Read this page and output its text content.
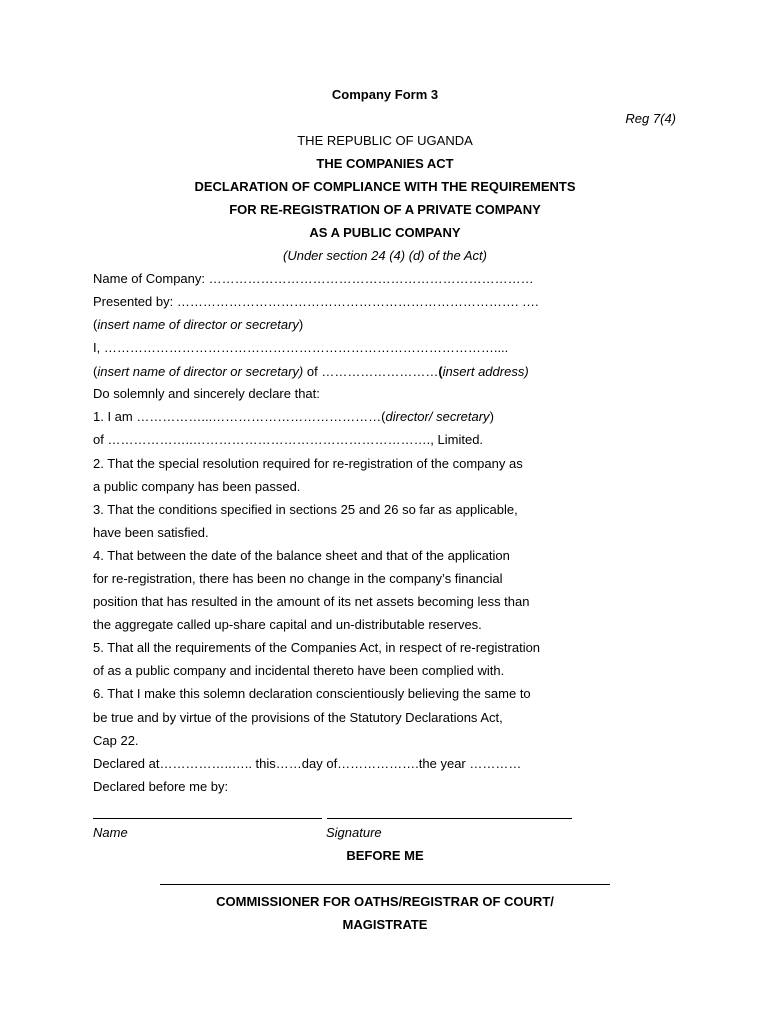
Company Form 3
Reg 7(4)
THE REPUBLIC OF UGANDA
THE COMPANIES ACT
DECLARATION OF COMPLIANCE WITH THE REQUIREMENTS
FOR RE-REGISTRATION OF A PRIVATE COMPANY
AS A PUBLIC COMPANY
(Under section 24 (4) (d) of the Act)
Name of Company: …………………………………………………………………
Presented by: ……………………………………………………………………. ….
(insert name of director or secretary)
I, ………………………………………………………………………………....
(insert name of director or secretary) of ………………………(insert address)
Do solemnly and sincerely declare that:
1. I am ……………...…………………………………(director/ secretary)
of ………………..………………………………………………., Limited.
2. That the special resolution required for re-registration of the company as
a public company has been passed.
3. That the conditions specified in sections 25 and 26 so far as applicable,
have been satisfied.
4. That between the date of the balance sheet and that of the application
for re-registration, there has been no change in the company’s financial
position that has resulted in the amount of its net assets becoming less than
the aggregate called up-share capital and un-distributable reserves.
5. That all the requirements of the Companies Act, in respect of re-registration
of as a public company and incidental thereto have been complied with.
6. That I make this solemn declaration conscientiously believing the same to
be true and by virtue of the provisions of the Statutory Declarations Act,
Cap 22.
Declared at……………..….. this……day of……………….the year …………
Declared before me by:
Name	Signature
BEFORE ME
COMMISSIONER FOR OATHS/REGISTRAR OF COURT/
MAGISTRATE
